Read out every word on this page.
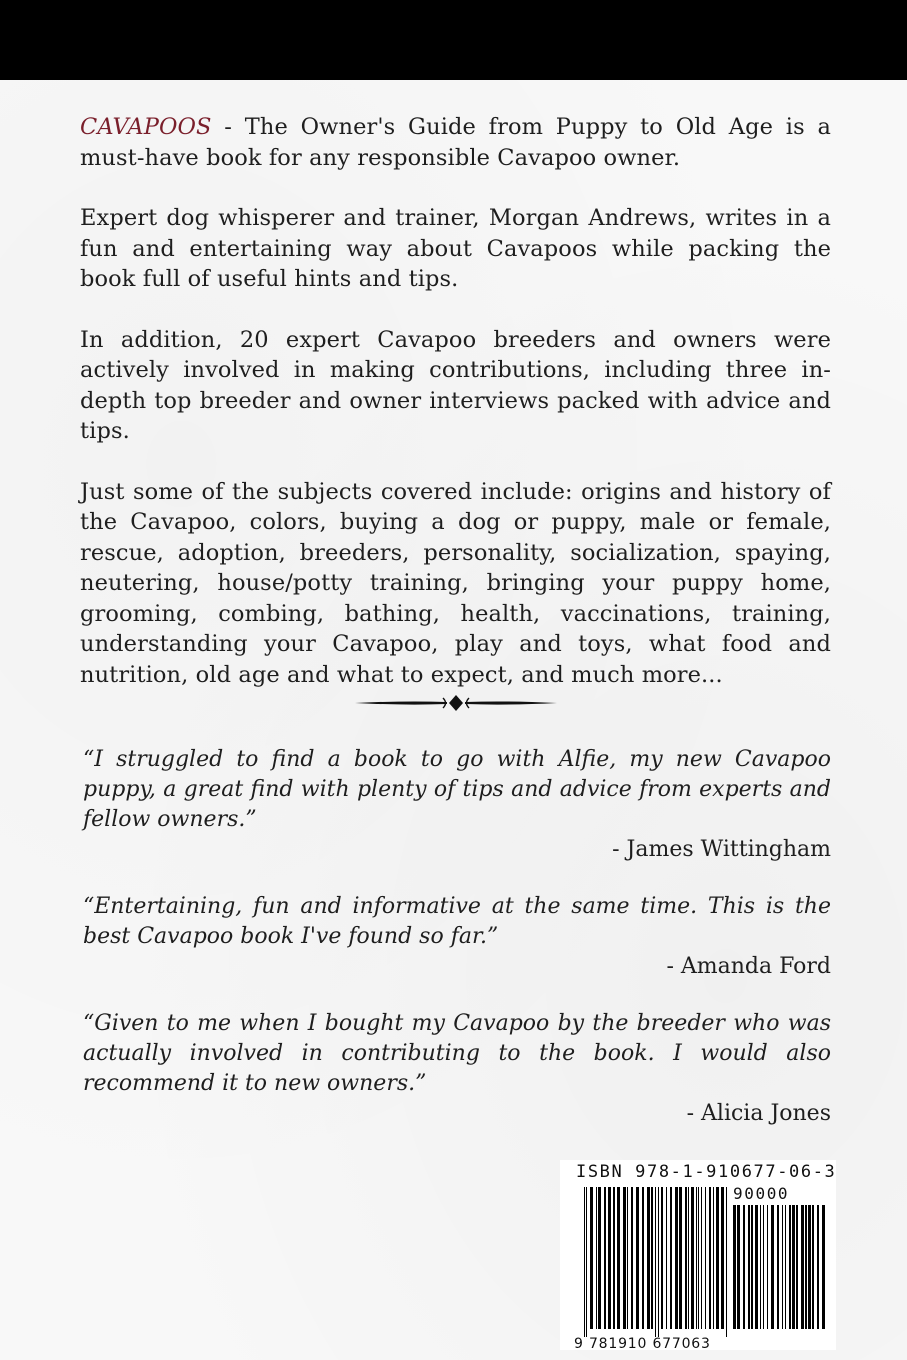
CAVAPOOS - The Owner's Guide from Puppy to Old Age is a must-have book for any responsible Cavapoo owner.

Expert dog whisperer and trainer, Morgan Andrews, writes in a fun and entertaining way about Cavapoos while packing the book full of useful hints and tips.

In addition, 20 expert Cavapoo breeders and owners were actively involved in making contributions, including three in-depth top breeder and owner interviews packed with advice and tips.

Just some of the subjects covered include: origins and history of the Cavapoo, colors, buying a dog or puppy, male or female, rescue, adoption, breeders, personality, socialization, spaying, neutering, house/potty training, bringing your puppy home, grooming, combing, bathing, health, vaccinations, training, understanding your Cavapoo, play and toys, what food and nutrition, old age and what to expect, and much more...

“I struggled to find a book to go with Alfie, my new Cavapoo puppy, a great find with plenty of tips and advice from experts and fellow owners.”

- James Wittingham

“Entertaining, fun and informative at the same time. This is the best Cavapoo book I've found so far.”

- Amanda Ford

“Given to me when I bought my Cavapoo by the breeder who was actually involved in contributing to the book. I would also recommend it to new owners.”

- Alicia Jones

ISBN 978-1-910677-06-3
90000
9 781910 677063
